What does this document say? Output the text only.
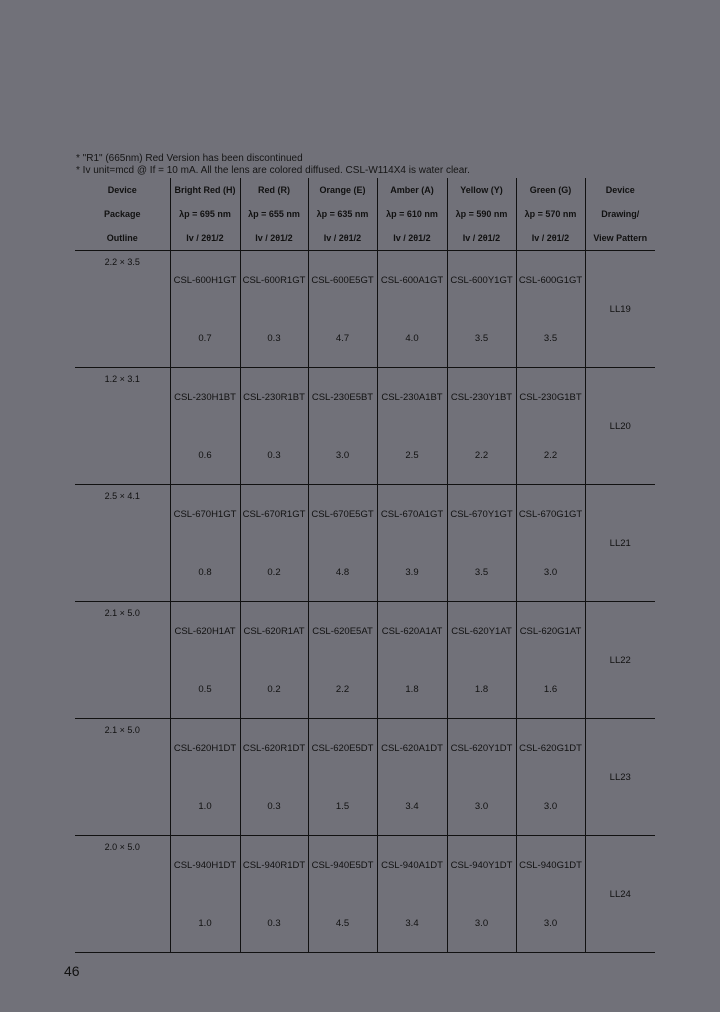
* "R1" (665nm) Red Version has been discontinued
* Iv unit=mcd @ If = 10 mA. All the lens are colored diffused. CSL-W114X4 is water clear.
Device	Bright Red (H)	Red (R)	Orange (E)	Amber (A)	Yellow (Y)	Green (G)	Device
Package	λp = 695 nm	λp = 655 nm	λp = 635 nm	λp = 610 nm	λp = 590 nm	λp = 570 nm	Drawing/
Outline	Iv / 2θ1/2	Iv / 2θ1/2	Iv / 2θ1/2	Iv / 2θ1/2	Iv / 2θ1/2	Iv / 2θ1/2	View Pattern
2.2 × 3.5	CSL-600H1GT	CSL-600R1GT	CSL-600E5GT	CSL-600A1GT	CSL-600Y1GT	CSL-600G1GT	LL19
	0.7	0.3	4.7	4.0	3.5	3.5	
1.2 × 3.1	CSL-230H1BT	CSL-230R1BT	CSL-230E5BT	CSL-230A1BT	CSL-230Y1BT	CSL-230G1BT	LL20
	0.6	0.3	3.0	2.5	2.2	2.2	
2.5 × 4.1	CSL-670H1GT	CSL-670R1GT	CSL-670E5GT	CSL-670A1GT	CSL-670Y1GT	CSL-670G1GT	LL21
	0.8	0.2	4.8	3.9	3.5	3.0	
2.1 × 5.0	CSL-620H1AT	CSL-620R1AT	CSL-620E5AT	CSL-620A1AT	CSL-620Y1AT	CSL-620G1AT	LL22
	0.5	0.2	2.2	1.8	1.8	1.6	
2.1 × 5.0	CSL-620H1DT	CSL-620R1DT	CSL-620E5DT	CSL-620A1DT	CSL-620Y1DT	CSL-620G1DT	LL23
	1.0	0.3	1.5	3.4	3.0	3.0	
2.0 × 5.0	CSL-940H1DT	CSL-940R1DT	CSL-940E5DT	CSL-940A1DT	CSL-940Y1DT	CSL-940G1DT	LL24
	1.0	0.3	4.5	3.4	3.0	3.0	
46
